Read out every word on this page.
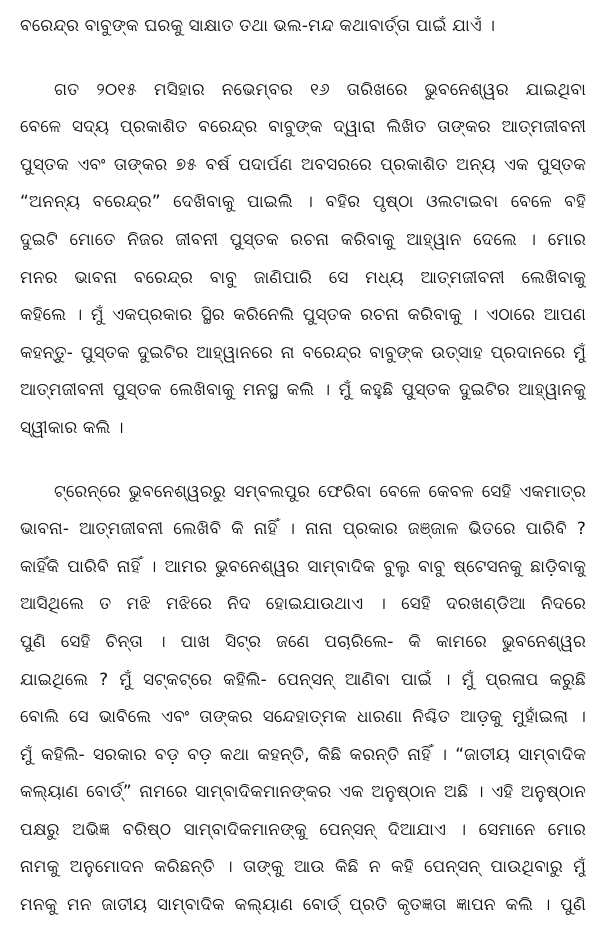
ବରେନ୍ଦ୍ର ବାବୁଙ୍କ ଘରକୁ ସାକ୍ଷାତ ତଥା ଭଲ-ମନ୍ଦ କଥାବାର୍ତ୍ତା ପାଇଁ ଯାଏଁ ।
ଗତ ୨୦୧୫ ମସିହାର ନଭେମ୍ବର ୧୬ ତାରିଖରେ ଭୁବନେଶ୍ୱର ଯାଇଥିବା
ବେଳେ ସଦ୍ୟ ପ୍ରକାଶିତ ବରେନ୍ଦ୍ର ବାବୁଙ୍କ ଦ୍ୱାରା ଲିଖିତ ତାଙ୍କର ଆତ୍ମଜୀବନୀ
ପୁସ୍ତକ ଏବଂ ତାଙ୍କର ୭୫ ବର୍ଷ ପଦାର୍ପଣ ଅବସରରେ ପ୍ରକାଶିତ ଅନ୍ୟ ଏକ ପୁସ୍ତକ
“ଅନନ୍ୟ ବରେନ୍ଦ୍ର” ଦେଖିବାକୁ ପାଇଲି । ବହିର ପୃଷ୍ଠା ଓଲଟାଇବା ବେଳେ ବହି
ଦୁଇଟି ମୋତେ ନିଜର ଜୀବନୀ ପୁସ୍ତକ ରଚନା କରିବାକୁ ଆହ୍ୱାନ ଦେଲେ । ମୋର
ମନର ଭାବନା ବରେନ୍ଦ୍ର ବାବୁ ଜାଣିପାରି ସେ ମଧ୍ୟ ଆତ୍ମଜୀବନୀ ଲେଖିବାକୁ
କହିଲେ । ମୁଁ ଏକପ୍ରକାର ସ୍ଥିର କରିନେଲି ପୁସ୍ତକ ରଚନା କରିବାକୁ । ଏଠାରେ ଆପଣ
କହନ୍ତୁ- ପୁସ୍ତକ ଦୁଇଟିର ଆହ୍ୱାନରେ ନା ବରେନ୍ଦ୍ର ବାବୁଙ୍କ ଉତ୍ସାହ ପ୍ରଦାନରେ ମୁଁ
ଆତ୍ମଜୀବନୀ ପୁସ୍ତକ ଲେଖିବାକୁ ମନସ୍ଥ କଲି । ମୁଁ କହୁଛି ପୁସ୍ତକ ଦୁଇଟିର ଆହ୍ୱାନକୁ
ସ୍ୱୀକାର କଲି ।
ଟ୍ରେନ୍‌ରେ ଭୁବନେଶ୍ୱରରୁ ସମ୍ବଲପୁର ଫେରିବା ବେଳେ କେବଳ ସେହି ଏକମାତ୍ର
ଭାବନା- ଆତ୍ମଜୀବନୀ ଲେଖିବି କି ନାହିଁ । ନାନା ପ୍ରକାର ଜଞ୍ଜାଳ ଭିତରେ ପାରିବି ?
କାହିଁକି ପାରିବି ନାହିଁ । ଆମର ଭୁବନେଶ୍ୱର ସାମ୍ବାଦିକ ବୁଲୁ ବାବୁ ଷ୍ଟେସନକୁ ଛାଡ଼ିବାକୁ
ଆସିଥିଲେ ତ ମଝି ମଝିରେ ନିଦ ହୋଇଯାଉଥାଏ । ସେହି ଦରଖଣ୍ଡିଆ ନିଦରେ
ପୁଣି ସେହି ଚିନ୍ତା । ପାଖ ସିଟ୍‌ର ଜଣେ ପଚାରିଲେ- କି କାମରେ ଭୁବନେଶ୍ୱର
ଯାଇଥିଲେ ? ମୁଁ ସଟ୍‌କଟ୍‌ରେ କହିଲି- ପେନ୍‌ସନ୍ ଆଣିବା ପାଇଁ । ମୁଁ ପ୍ରଳାପ କରୁଛି
ବୋଲି ସେ ଭାବିଲେ ଏବଂ ତାଙ୍କର ସନ୍ଦେହାତ୍ମକ ଧାରଣା ନିଶ୍ଚିତ ଆଡ଼କୁ ମୁହାଁଇଲା ।
ମୁଁ କହିଲି- ସରକାର ବଡ଼ ବଡ଼ କଥା କହନ୍ତି, କିଛି କରନ୍ତି ନାହିଁ । “ଜାତୀୟ ସାମ୍ବାଦିକ
କଲ୍ୟାଣ ବୋର୍ଡ୍” ନାମରେ ସାମ୍ବାଦିକମାନଙ୍କର ଏକ ଅନୁଷ୍ଠାନ ଅଛି । ଏହି ଅନୁଷ୍ଠାନ
ପକ୍ଷରୁ ଅଭିଜ୍ଞ ବରିଷ୍ଠ ସାମ୍ବାଦିକମାନଙ୍କୁ ପେନ୍‌ସନ୍ ଦିଆଯାଏ । ସେମାନେ ମୋର
ନାମକୁ ଅନୁମୋଦନ କରିଛନ୍ତି । ତାଙ୍କୁ ଆଉ କିଛି ନ କହି ପେନ୍‌ସନ୍ ପାଉଥିବାରୁ ମୁଁ
ମନକୁ ମନ ଜାତୀୟ ସାମ୍ବାଦିକ କଲ୍ୟାଣ ବୋର୍ଡ୍ ପ୍ରତି କୃତଜ୍ଞତା ଜ୍ଞାପନ କଲି । ପୁଣି
